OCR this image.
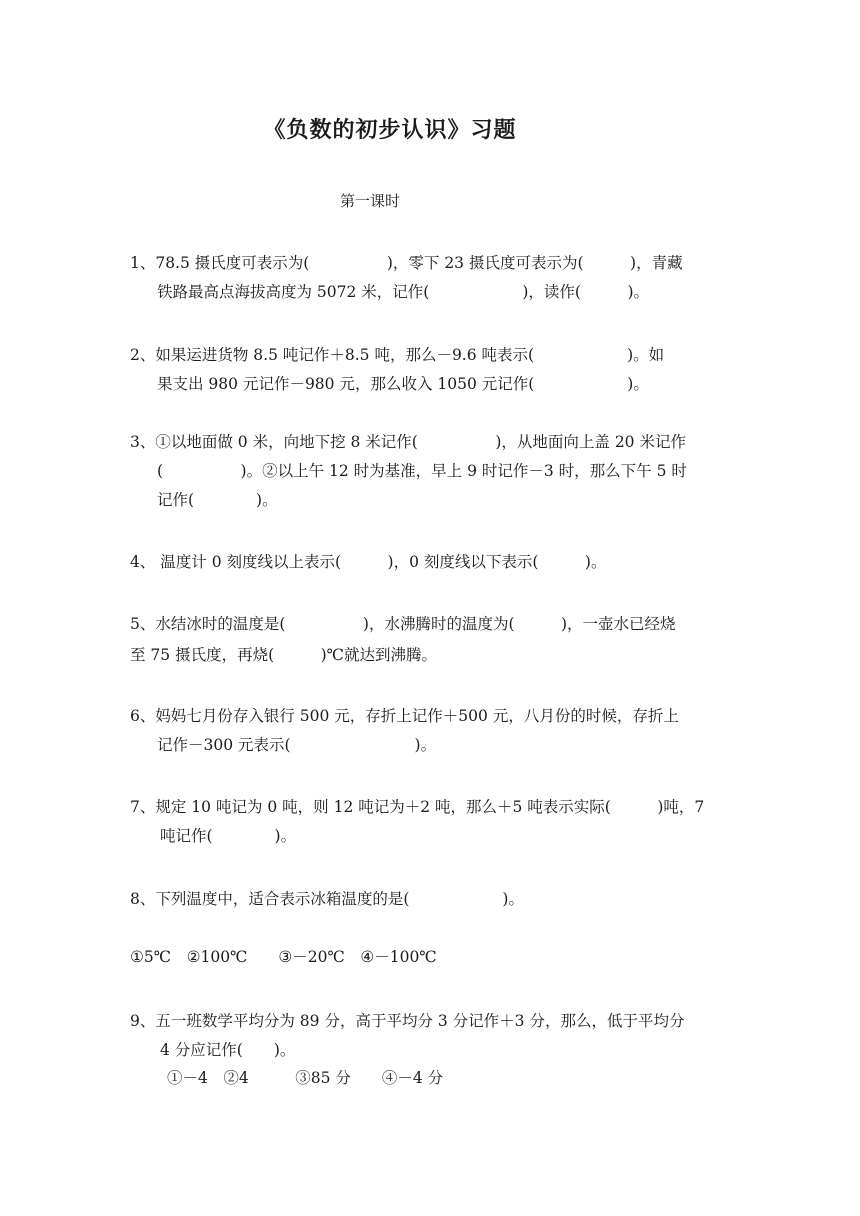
《负数的初步认识》习题
第一课时
1、78.5 摄氏度可表示为(　　　　　)，零下 23 摄氏度可表示为(　　　)，青藏
铁路最高点海拔高度为 5072 米，记作(　　　　　　)，读作(　　　)。
2、如果运进货物 8.5 吨记作＋8.5 吨，那么－9.6 吨表示(　　　　　　)。如
果支出 980 元记作－980 元，那么收入 1050 元记作(　　　　　　)。
3、①以地面做 0 米，向地下挖 8 米记作(　　　　　)，从地面向上盖 20 米记作
(　　　　　)。②以上午 12 时为基准，早上 9 时记作－3 时，那么下午 5 时
记作(　　　　)。
4、 温度计 0 刻度线以上表示(　　　)，0 刻度线以下表示(　　　)。
5、水结冰时的温度是(　　　　　)，水沸腾时的温度为(　　　)，一壶水已经烧
至 75 摄氏度，再烧(　　　)℃就达到沸腾。
6、妈妈七月份存入银行 500 元，存折上记作＋500 元，八月份的时候，存折上
记作－300 元表示(　　　　　　　　)。
7、规定 10 吨记为 0 吨，则 12 吨记为＋2 吨，那么＋5 吨表示实际(　　　)吨，7
吨记作(　　　　)。
8、下列温度中，适合表示冰箱温度的是(　　　　　　)。
①5℃　②100℃　　③－20℃　④－100℃
9、五一班数学平均分为 89 分，高于平均分 3 分记作＋3 分，那么，低于平均分
4 分应记作(　　)。
①－4　②4　　　③85 分　　④－4 分
